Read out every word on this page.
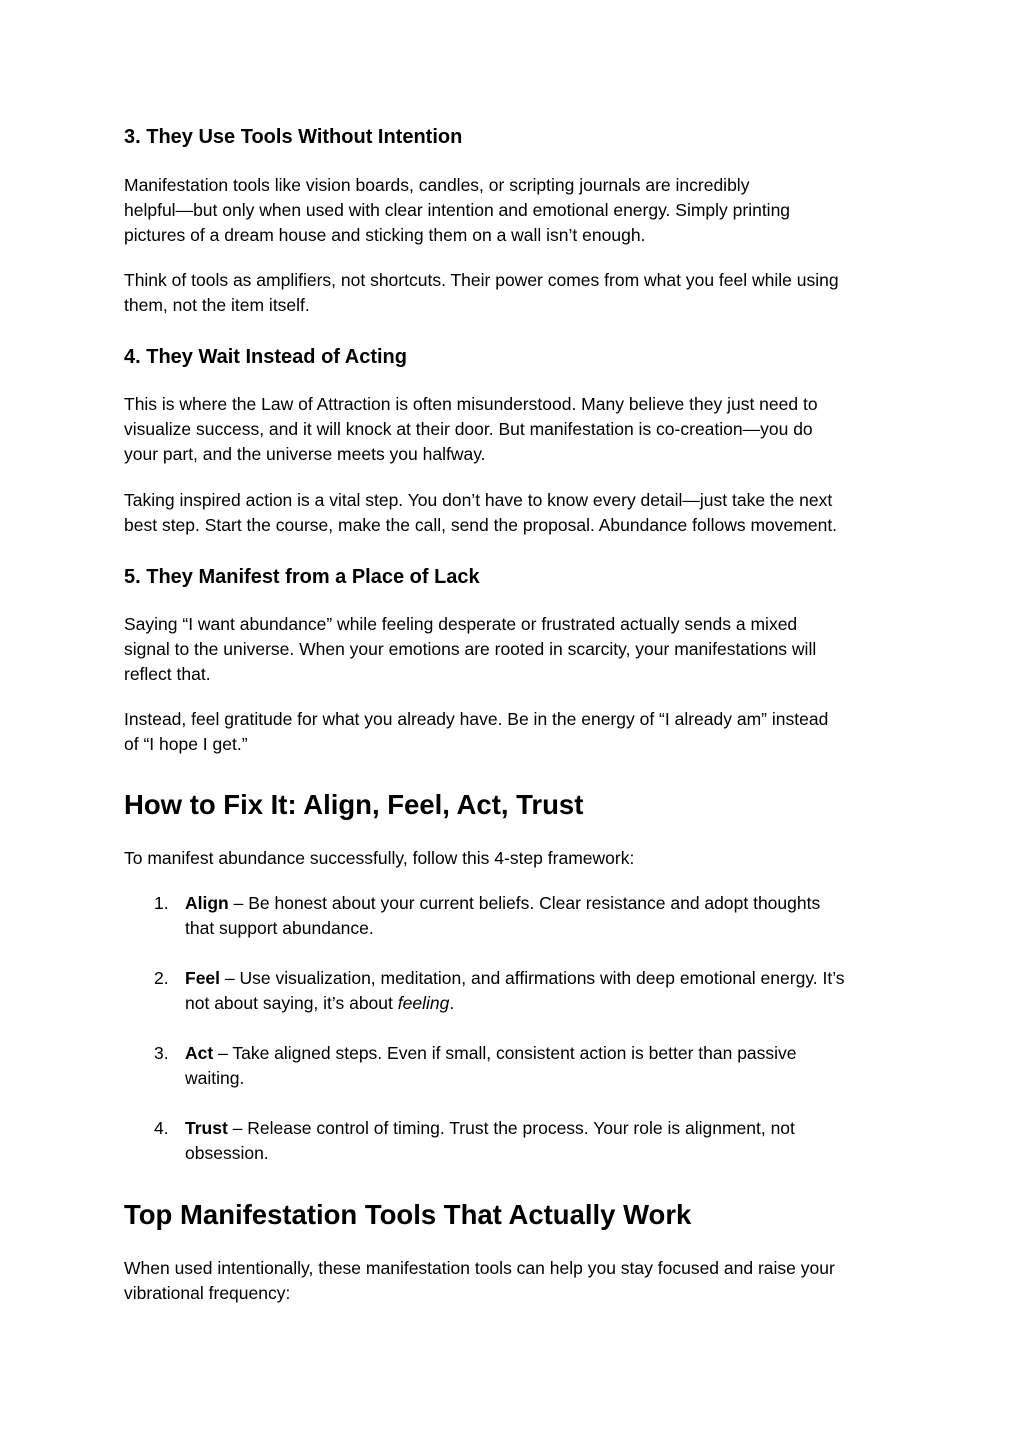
3. They Use Tools Without Intention
Manifestation tools like vision boards, candles, or scripting journals are incredibly
helpful—but only when used with clear intention and emotional energy. Simply printing
pictures of a dream house and sticking them on a wall isn’t enough.
Think of tools as amplifiers, not shortcuts. Their power comes from what you feel while using
them, not the item itself.
4. They Wait Instead of Acting
This is where the Law of Attraction is often misunderstood. Many believe they just need to
visualize success, and it will knock at their door. But manifestation is co-creation—you do
your part, and the universe meets you halfway.
Taking inspired action is a vital step. You don’t have to know every detail—just take the next
best step. Start the course, make the call, send the proposal. Abundance follows movement.
5. They Manifest from a Place of Lack
Saying “I want abundance” while feeling desperate or frustrated actually sends a mixed
signal to the universe. When your emotions are rooted in scarcity, your manifestations will
reflect that.
Instead, feel gratitude for what you already have. Be in the energy of “I already am” instead
of “I hope I get.”
How to Fix It: Align, Feel, Act, Trust
To manifest abundance successfully, follow this 4-step framework:
1. Align – Be honest about your current beliefs. Clear resistance and adopt thoughts
that support abundance.
2. Feel – Use visualization, meditation, and affirmations with deep emotional energy. It’s
not about saying, it’s about feeling.
3. Act – Take aligned steps. Even if small, consistent action is better than passive
waiting.
4. Trust – Release control of timing. Trust the process. Your role is alignment, not
obsession.
Top Manifestation Tools That Actually Work
When used intentionally, these manifestation tools can help you stay focused and raise your
vibrational frequency:
